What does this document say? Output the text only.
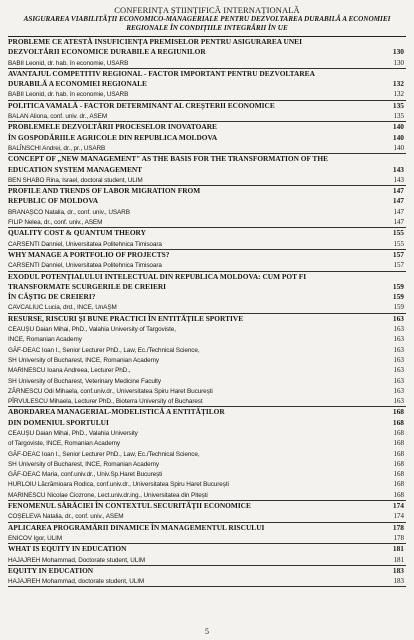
CONFERINȚA ȘTIINȚIFICĂ INTERNAȚIONALĂ
ASIGURAREA VIABILITĂȚII ECONOMICO-MANAGERIALE PENTRU DEZVOLTAREA DURABILĂ A ECONOMIEI
REGIONALE ÎN CONDIȚIILE INTEGRĂRII ÎN UE
PROBLEME CE ATESTĂ INSUFICIENȚA PREMISELOR PENTRU ASIGURAREA UNEI
DEZVOLTĂRII ECONOMICE DURABILE A REGIUNILOR	130
BABII Leonid, dr. hab. în economie, USARB	130
AVANTAJUL COMPETITIV REGIONAL - FACTOR IMPORTANT PENTRU DEZVOLTAREA
DURABILĂ A ECONOMIEI REGIONALE	132
BABII Leonid, dr. hab. în economie, USARB	132
POLITICA VAMALĂ - FACTOR DETERMINANT AL CREȘTERII ECONOMICE	135
BALAN Aliona, conf. univ. dr., ASEM	135
PROBLEMELE DEZVOLTĂRII PROCESELOR INOVATOARE	140
ÎN GOSPODĂRIILE AGRICOLE DIN REPUBLICA MOLDOVA	140
BALÎNSCHI Andrei, dr., pr., USARB	140
CONCEPT OF „NEW MANAGEMENT" AS THE BASIS FOR THE TRANSFORMATION OF THE
EDUCATION SYSTEM MANAGEMENT	143
BEN SHABO Rina, Israel, doctoral student, ULIM	143
PROFILE AND TRENDS OF LABOR MIGRATION FROM	147
REPUBLIC OF MOLDOVA	147
BRANAȘCO Natalia, dr., conf. univ., USARB	147
FILIP Nelea, dr., conf. univ., ASEM	147
QUALITY COST & QUANTUM THEORY	155
CARSENTI Danniel, Universitatea Politehnica Timisoara	155
WHY MANAGE A PORTFOLIO OF PROJECTS?	157
CARSENTI Danniel, Universitatea Politehnica Timisoara	157
EXODUL POTENȚIALULUI INTELECTUAL DIN REPUBLICA MOLDOVA: CUM POT FI
TRANSFORMATE SCURGERILE DE CREIERI	159
ÎN CÂȘTIG DE CREIERI?	159
CAVCALIUC Lucia, drd., INCE, UnAȘM	159
RESURSE, RISCURI ȘI BUNE PRACTICI ÎN ENTITĂȚILE SPORTIVE	163
CEAUȘU Daian Mihai, PhD., Valahia University of Targoviste,	163
INCE, Romanian Academy	163
GĂF-DEAC Ioan I., Senior Lecturer PhD., Law, Ec./Technical Science,	163
SH University of Bucharest, INCE, Romanian Academy	163
MARINESCU Ioana Andreea, Lecturer PhD.,	163
SH University of Bucharest, Veterinary Medicine Faculty	163
ZÂRNESCU Odi Mihaela, conf.univ.dr., Universitatea Spiru Haret București	163
PÎRVULESCU Mihaela, Lecturer PhD., Bioterra University of Bucharest	163
ABORDAREA MANAGERIAL-MODELISTICĂ A ENTITĂȚILOR	168
DIN DOMENIUL SPORTULUI	168
CEAUȘU Daian Mihai, PhD., Valahia University	168
of Targoviste, INCE, Romanian Academy	168
GĂF-DEAC Ioan I., Senior Lecturer PhD., Law, Ec./Technical Science,	168
SH University of Bucharest, INCE, Romanian Academy	168
GĂF-DEAC Maria, conf.univ.dr., Univ.Sp.Haret București	168
HURLOIU Lăcrămioara Rodica, conf.univ.dr., Universitatea Spiru Haret București	168
MARINESCU Nicolae Ciozrone, Lect.univ.dr.ing., Universitatea din Pitești	168
FENOMENUL SĂRĂCIEI ÎN CONTEXTUL SECURITĂȚII ECONOMICE	174
COȘELEVA Natalia, dr., conf. univ., ASEM	174
APLICAREA PROGRAMĂRII DINAMICE ÎN MANAGEMENTUL RISCULUI	178
ENICOV Igor, ULIM	178
WHAT IS EQUITY IN EDUCATION	181
HAJAJREH Mohammad, Doctorate student, ULIM	181
EQUITY IN EDUCATION	183
HAJAJREH Mohammad, doctorate student, ULIM	183
5
